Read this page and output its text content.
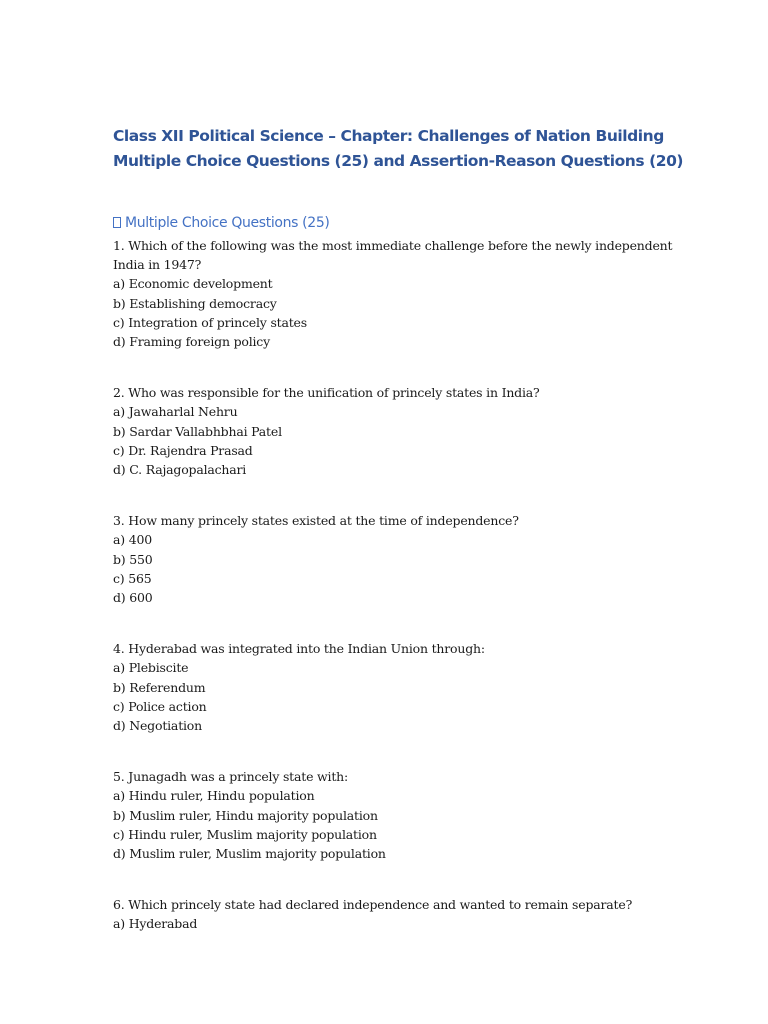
Class XII Political Science – Chapter: Challenges of Nation Building
Multiple Choice Questions (25) and Assertion-Reason Questions (20)
Multiple Choice Questions (25)
1. Which of the following was the most immediate challenge before the newly independent India in 1947?
a) Economic development
b) Establishing democracy
c) Integration of princely states
d) Framing foreign policy
2. Who was responsible for the unification of princely states in India?
a) Jawaharlal Nehru
b) Sardar Vallabhbhai Patel
c) Dr. Rajendra Prasad
d) C. Rajagopalachari
3. How many princely states existed at the time of independence?
a) 400
b) 550
c) 565
d) 600
4. Hyderabad was integrated into the Indian Union through:
a) Plebiscite
b) Referendum
c) Police action
d) Negotiation
5. Junagadh was a princely state with:
a) Hindu ruler, Hindu population
b) Muslim ruler, Hindu majority population
c) Hindu ruler, Muslim majority population
d) Muslim ruler, Muslim majority population
6. Which princely state had declared independence and wanted to remain separate?
a) Hyderabad
